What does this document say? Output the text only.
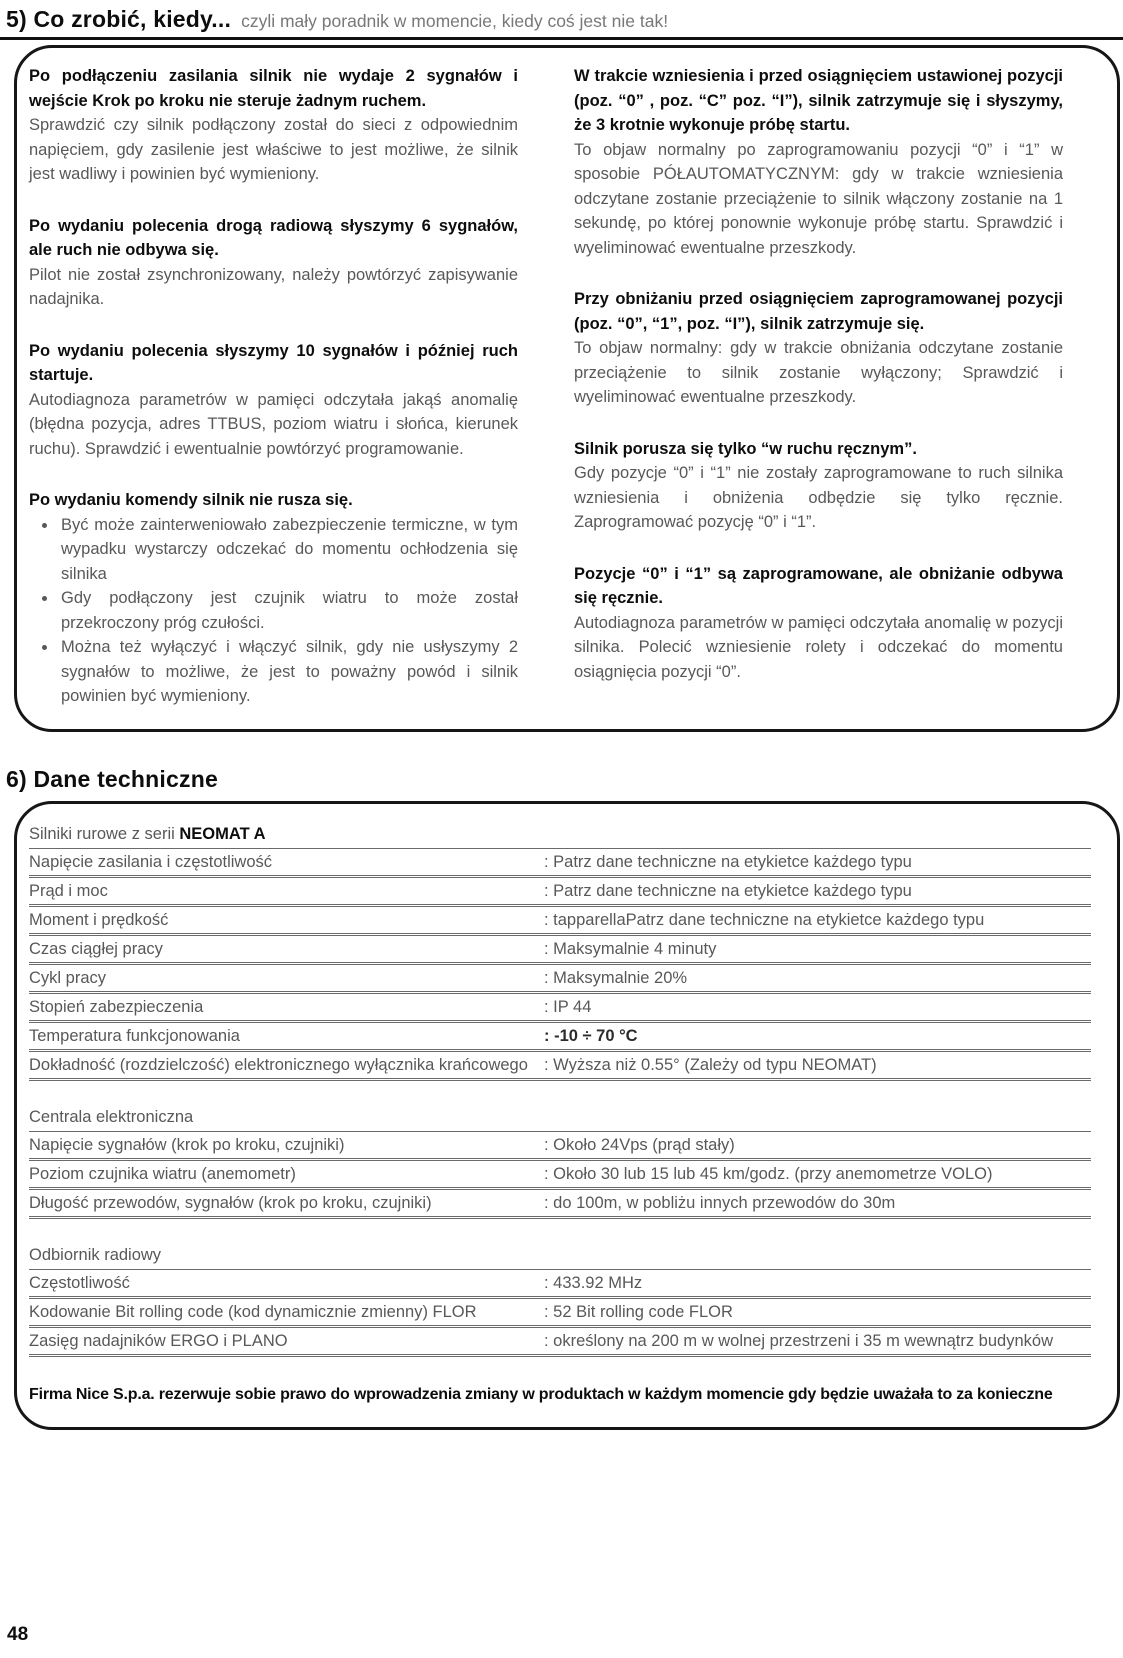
5) Co zrobić, kiedy... czyli mały poradnik w momencie, kiedy coś jest nie tak!
Po podłączeniu zasilania silnik nie wydaje 2 sygnałów i wejście Krok po kroku nie steruje żadnym ruchem.

Sprawdzić czy silnik podłączony został do sieci z odpowiednim napięciem, gdy zasilenie jest właściwe to jest możliwe, że silnik jest wadliwy i powinien być wymieniony.

Po wydaniu polecenia drogą radiową słyszymy 6 sygnałów, ale ruch nie odbywa się.

Pilot nie został zsynchronizowany, należy powtórzyć zapisywanie nadajnika.

Po wydaniu polecenia słyszymy 10 sygnałów i później ruch startuje.

Autodiagnoza parametrów w pamięci odczytała jakąś anomalię (błędna pozycja, adres TTBUS, poziom wiatru i słońca, kierunek ruchu). Sprawdzić i ewentualnie powtórzyć programowanie.

Po wydaniu komendy silnik nie rusza się.
• Być może zainterweniowało zabezpieczenie termiczne, w tym wypadku wystarczy odczekać do momentu ochłodzenia się silnika
• Gdy podłączony jest czujnik wiatru to może został przekroczony próg czułości.
• Można też wyłączyć i włączyć silnik, gdy nie usłyszymy 2 sygnałów to możliwe, że jest to poważny powód i silnik powinien być wymieniony.
W trakcie wzniesienia i przed osiągnięciem ustawionej pozycji (poz. “0” , poz. “C” poz. “I”), silnik zatrzymuje się i słyszymy, że 3 krotnie wykonuje próbę startu.

To objaw normalny po zaprogramowaniu pozycji “0” i “1” w sposobie PÓŁAUTOMATYCZNYM: gdy w trakcie wzniesienia odczytane zostanie przeciążenie to silnik włączony zostanie na 1 sekundę, po której ponownie wykonuje próbę startu. Sprawdzić i wyeliminować ewentualne przeszkody.

Przy obniżaniu przed osiągnięciem zaprogramowanej pozycji (poz. “0”, “1”, poz. “I”), silnik zatrzymuje się.

To objaw normalny: gdy w trakcie obniżania odczytane zostanie przeciążenie to silnik zostanie wyłączony; Sprawdzić i wyeliminować ewentualne przeszkody.

Silnik porusza się tylko “w ruchu ręcznym”.

Gdy pozycje “0” i “1” nie zostały zaprogramowane to ruch silnika wzniesienia i obniżenia odbędzie się tylko ręcznie. Zaprogramować pozycję “0” i “1”.

Pozycje “0” i “1” są zaprogramowane, ale obniżanie odbywa się ręcznie.

Autodiagnoza parametrów w pamięci odczytała anomalię w pozycji silnika. Polecić wzniesienie rolety i odczekać do momentu osiągnięcia pozycji “0”.

6) Dane techniczne
Silniki rurowe z serii NEOMAT A
Napięcie zasilania i częstotliwość	: Patrz dane techniczne na etykietce każdego typu
Prąd i moc	: Patrz dane techniczne na etykietce każdego typu
Moment i prędkość	: tapparellaPatrz dane techniczne na etykietce każdego typu
Czas ciągłej pracy	: Maksymalnie 4 minuty
Cykl pracy	: Maksymalnie 20%
Stopień zabezpieczenia	: IP 44
Temperatura funkcjonowania	: -10 ÷ 70 °C
Dokładność (rozdzielczość) elektronicznego wyłącznika krańcowego : Wyższa niż 0.55° (Zależy od typu NEOMAT)
Centrala elektroniczna
Napięcie sygnałów (krok po kroku, czujniki)	: Około 24Vps (prąd stały)
Poziom czujnika wiatru (anemometr)	: Około 30 lub 15 lub 45 km/godz. (przy anemometrze VOLO)
Długość przewodów, sygnałów (krok po kroku, czujniki)	: do 100m, w pobliżu innych przewodów do 30m
Odbiornik radiowy
Częstotliwość	: 433.92 MHz
Kodowanie Bit rolling code (kod dynamicznie zmienny) FLOR	: 52 Bit rolling code FLOR
Zasięg nadajników ERGO i PLANO	: określony na 200 m w wolnej przestrzeni i 35 m wewnątrz budynków
Firma Nice S.p.a. rezerwuje sobie prawo do wprowadzenia zmiany w produktach w każdym momencie gdy będzie uważała to za konieczne
48
